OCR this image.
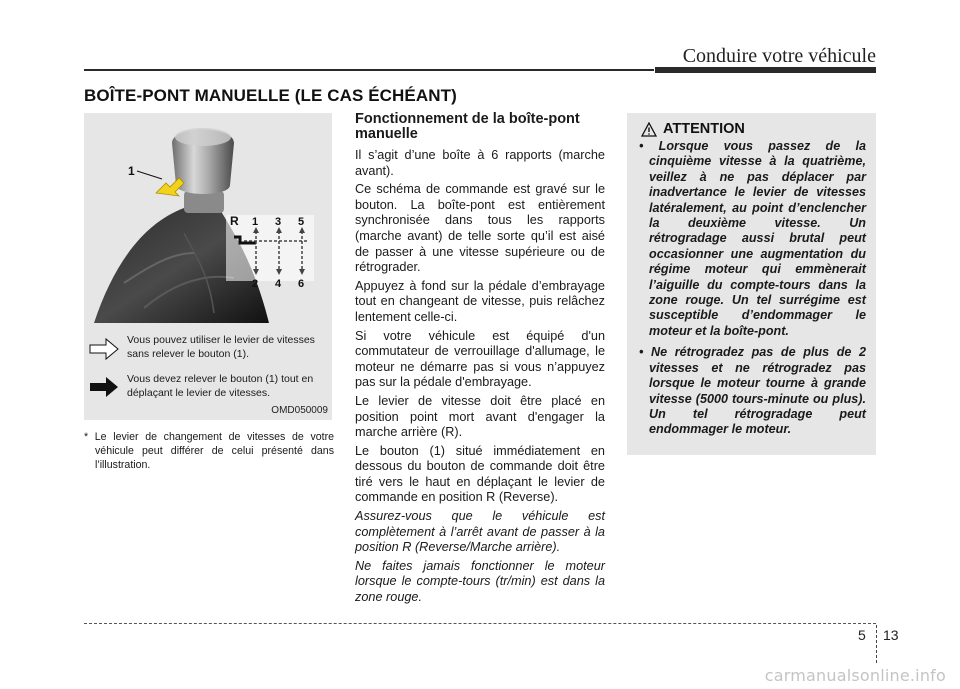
Conduire votre véhicule
BOÎTE-PONT MANUELLE (LE CAS ÉCHÉANT)
1
R 1 3 5
2 4 6
Vous pouvez utiliser le levier de vitesses sans relever le bouton (1).
Vous devez relever le bouton (1) tout en déplaçant le levier de vitesses.
OMD050009
* Le levier de changement de vitesses de votre véhicule peut différer de celui présenté dans l’illustration.
Fonctionnement de la boîte-pont manuelle

Il s’agit d’une boîte à 6 rapports (marche avant).

Ce schéma de commande est gravé sur le bouton. La boîte-pont est entièrement synchronisée dans tous les rapports (marche avant) de telle sorte qu’il est aisé de passer à une vitesse supérieure ou de rétrograder.

Appuyez à fond sur la pédale d’embrayage tout en changeant de vitesse, puis relâchez lentement celle-ci.

Si votre véhicule est équipé d'un commutateur de verrouillage d'allumage, le moteur ne démarre pas si vous n’appuyez pas sur la pédale d'embrayage.

Le levier de vitesse doit être placé en position point mort avant d'engager la marche arrière (R).

Le bouton (1) situé immédiatement en dessous du bouton de commande doit être tiré vers le haut en déplaçant le levier de commande en position R (Reverse).

Assurez-vous que le véhicule est complètement à l’arrêt avant de passer à la position R (Reverse/Marche arrière).

Ne faites jamais fonctionner le moteur lorsque le compte-tours (tr/min) est dans la zone rouge.

ATTENTION
• Lorsque vous passez de la cinquième vitesse à la quatrième, veillez à ne pas déplacer par inadvertance le levier de vitesses latéralement, au point d’enclencher la deuxième vitesse. Un rétrogradage aussi brutal peut occasionner une augmentation du régime moteur qui emmènerait l’aiguille du compte-tours dans la zone rouge. Un tel surrégime est susceptible d’endommager le moteur et la boîte-pont.
• Ne rétrogradez pas de plus de 2 vitesses et ne rétrogradez pas lorsque le moteur tourne à grande vitesse (5000 tours-minute ou plus). Un tel rétrogradage peut endommager le moteur.
5 13
carmanualsonline.info
